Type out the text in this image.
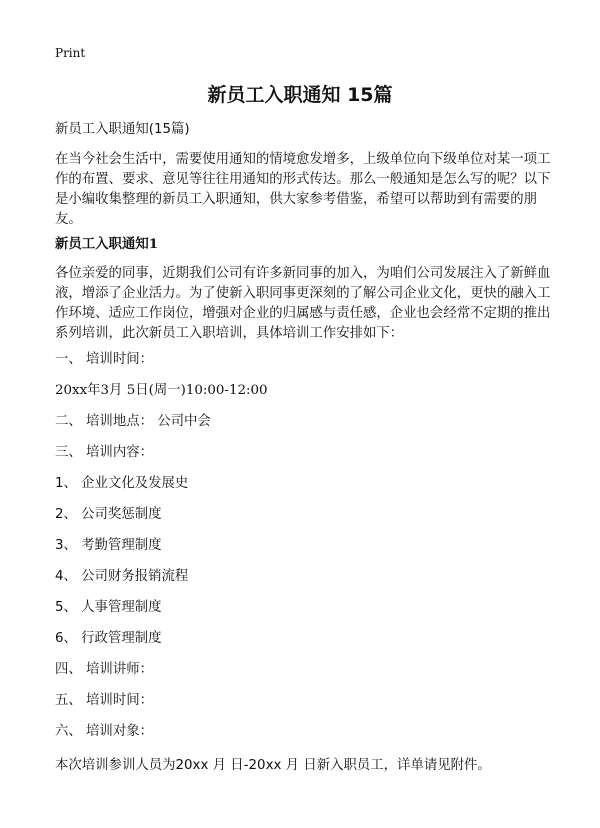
Print
新员工入职通知 15篇

新员工入职通知(15篇)

在当今社会生活中，需要使用通知的情境愈发增多，上级单位向下级单位对某一项工作的布置、要求、意见等往往用通知的形式传达。那么一般通知是怎么写的呢？以下是小编收集整理的新员工入职通知，供大家参考借鉴，希望可以帮助到有需要的朋友。

新员工入职通知1

各位亲爱的同事，近期我们公司有许多新同事的加入，为咱们公司发展注入了新鲜血液，增添了企业活力。为了使新入职同事更深刻的了解公司企业文化，更快的融入工作环境、适应工作岗位，增强对企业的归属感与责任感，企业也会经常不定期的推出系列培训，此次新员工入职培训，具体培训工作安排如下：

一、 培训时间：

20xx年3月 5日(周一)10:00-12:00

二、 培训地点： 公司中会

三、 培训内容：

1、 企业文化及发展史

2、 公司奖惩制度

3、 考勤管理制度

4、 公司财务报销流程

5、 人事管理制度

6、 行政管理制度

四、 培训讲师：

五、 培训时间：

六、 培训对象：

本次培训参训人员为20xx 月 日-20xx 月 日新入职员工，详单请见附件。
